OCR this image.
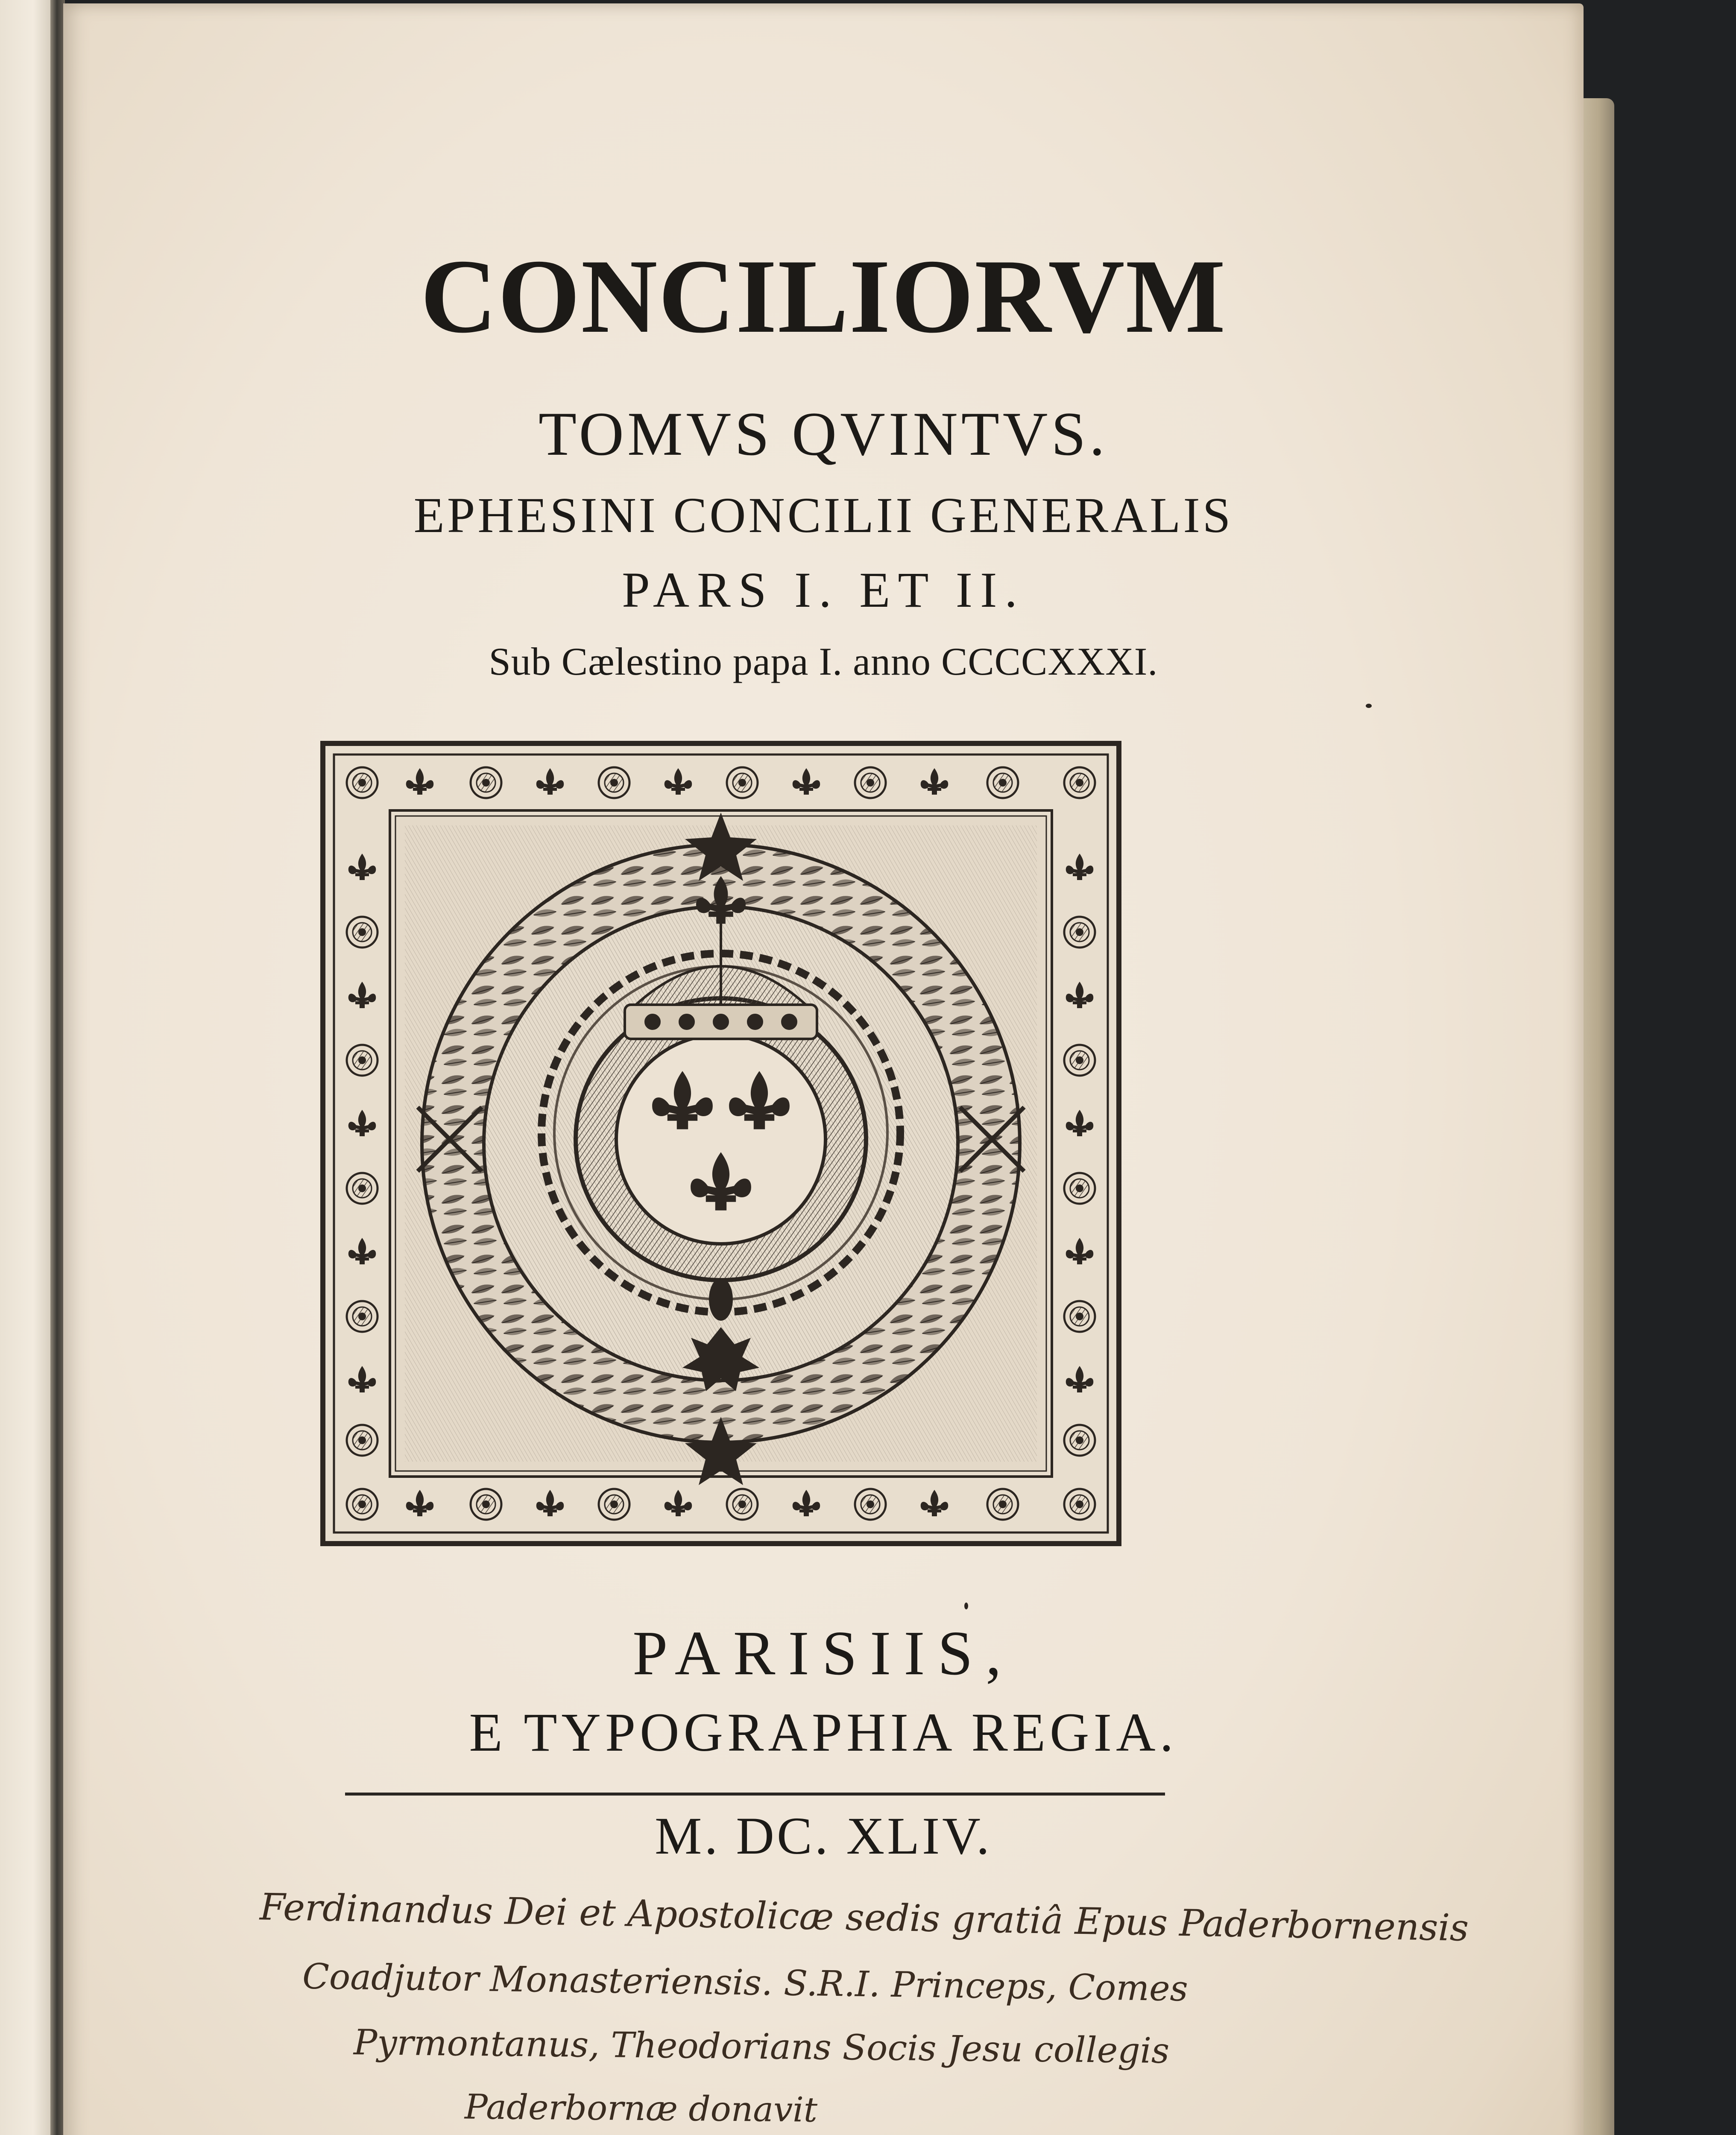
CONCILIORVM

TOMVS QVINTVS.

EPHESINI CONCILII GENERALIS

PARS I. ET II.

Sub Cælestino papa I. anno CCCCXXXI.

PARISIIS,

E TYPOGRAPHIA REGIA.

M. DC. XLIV.

Ferdinandus Dei et Apostolicæ sedis gratiâ Epus Paderbornensis

Coadjutor Monasteriensis. S.R.I. Princeps, Comes

Pyrmontanus, Theodorians Socis Jesu collegis

Paderbornæ donavit
